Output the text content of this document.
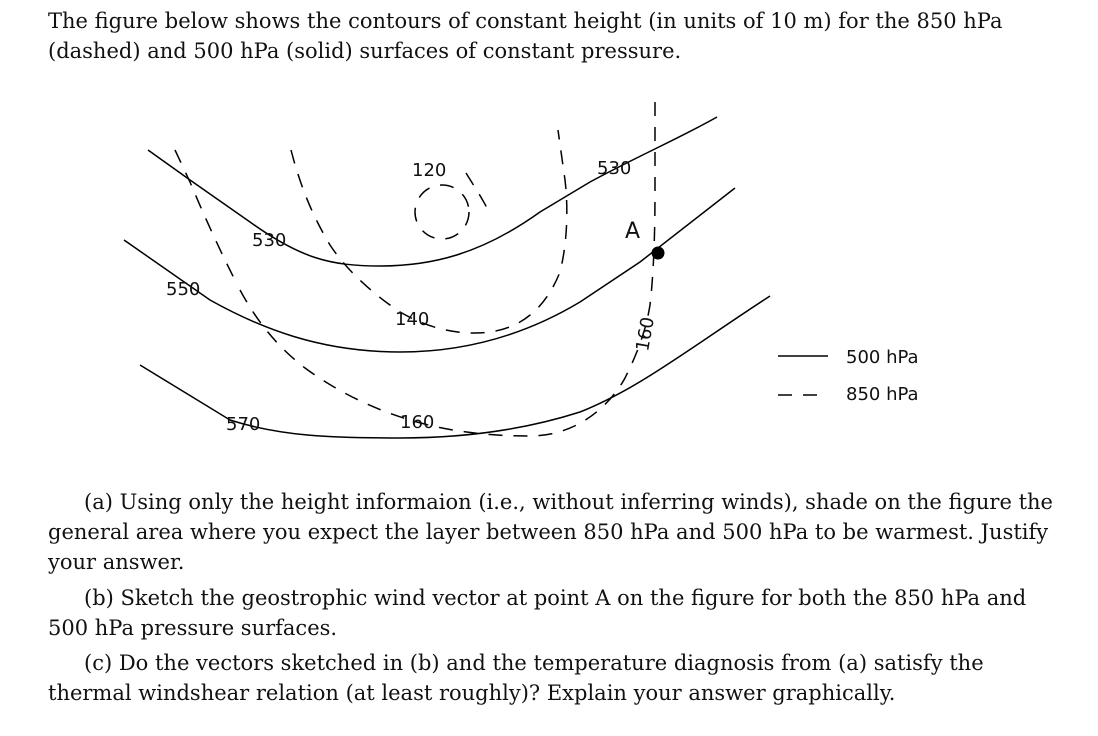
The figure below shows the contours of constant height (in units of 10 m) for the 850 hPa (dashed) and 500 hPa (solid) surfaces of constant pressure.
530
550
570
530
120
140
160
160
A
500 hPa
850 hPa
(a) Using only the height informaion (i.e., without inferring winds), shade on the figure the general area where you expect the layer between 850 hPa and 500 hPa to be warmest. Justify your answer.
(b) Sketch the geostrophic wind vector at point A on the figure for both the 850 hPa and 500 hPa pressure surfaces.
(c) Do the vectors sketched in (b) and the temperature diagnosis from (a) satisfy the thermal windshear relation (at least roughly)? Explain your answer graphically.
